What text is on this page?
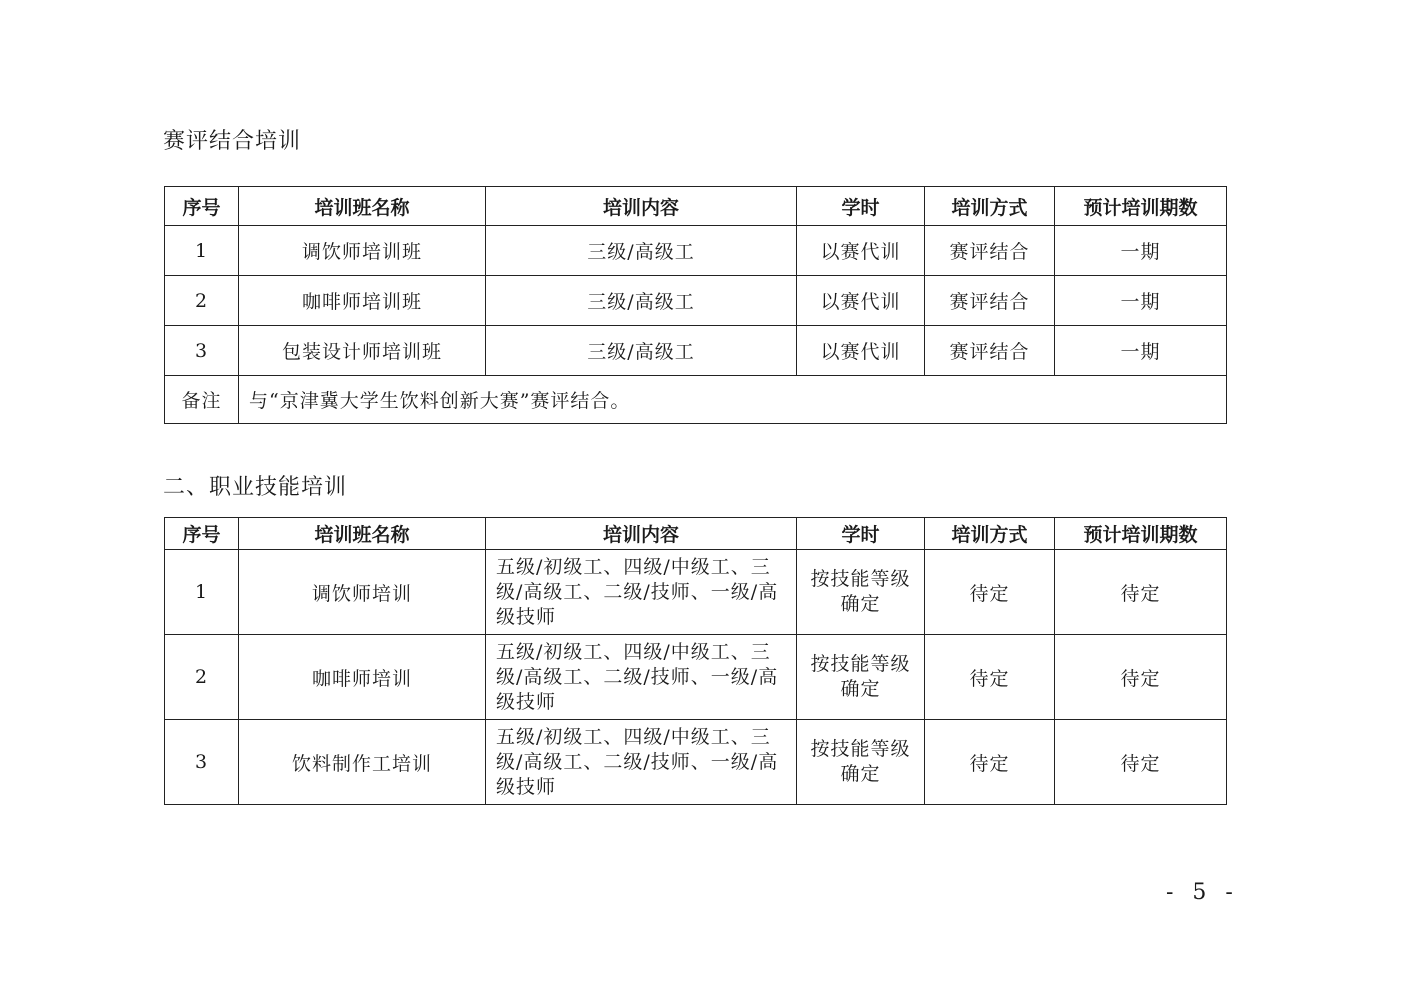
赛评结合培训
序号	培训班名称	培训内容	学时	培训方式	预计培训期数
1	调饮师培训班	三级/高级工	以赛代训	赛评结合	一期
2	咖啡师培训班	三级/高级工	以赛代训	赛评结合	一期
3	包装设计师培训班	三级/高级工	以赛代训	赛评结合	一期
备注	与“京津冀大学生饮料创新大赛”赛评结合。				
二、职业技能培训
序号	培训班名称	培训内容	学时	培训方式	预计培训期数
1	调饮师培训	五级/初级工、四级/中级工、三级/高级工、二级/技师、一级/高级技师	按技能等级确定	待定	待定
2	咖啡师培训	五级/初级工、四级/中级工、三级/高级工、二级/技师、一级/高级技师	按技能等级确定	待定	待定
3	饮料制作工培训	五级/初级工、四级/中级工、三级/高级工、二级/技师、一级/高级技师	按技能等级确定	待定	待定
- 5 -
